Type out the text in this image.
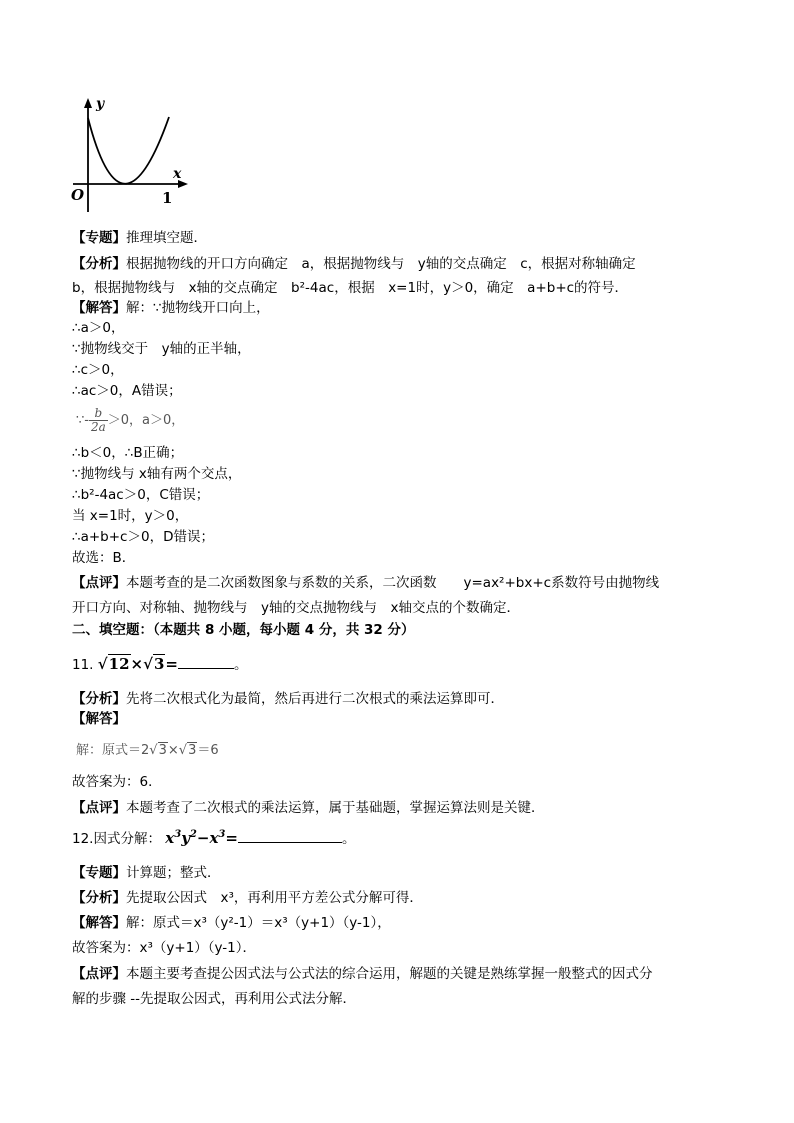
y
x
O	1
【专题】推理填空题．
【分析】根据抛物线的开口方向确定　a，根据抛物线与　y轴的交点确定　c，根据对称轴确定
b，根据抛物线与　x轴的交点确定　b²-4ac，根据　x=1时，y＞0，确定　a+b+c的符号．
【解答】解：∵抛物线开口向上，
∴a＞0，
∵抛物线交于　y轴的正半轴，
∴c＞0，
∴ac＞0，A错误；
∵- $\frac{b}{2a} >0$，a＞0，
∴b＜0，∴B正确；
∵抛物线与 x轴有两个交点，
∴b²-4ac＞0，C错误；
当 x=1时，y＞0，
∴a+b+c＞0，D错误；
故选：B．
【点评】本题考查的是二次函数图象与系数的关系，二次函数　　y=ax²+bx+c系数符号由抛物线
开口方向、对称轴、抛物线与　y轴的交点抛物线与　x轴交点的个数确定．
二、填空题：（本题共 8 小题，每小题 4 分，共 32 分）
11. √12×√3=	。
【分析】先将二次根式化为最简，然后再进行二次根式的乘法运算即可．
【解答】
解：原式＝2√3×√3＝6
故答案为：6．
【点评】本题考查了二次根式的乘法运算，属于基础题，掌握运算法则是关键．
12.因式分解： $x^3y^2-x^3=$	。
【专题】计算题；整式．
【分析】先提取公因式　x³，再利用平方差公式分解可得．
【解答】解：原式＝x³（y²-1）＝x³（y+1）（y-1），
故答案为：x³（y+1）（y-1）．
【点评】本题主要考查提公因式法与公式法的综合运用，解题的关键是熟练掌握一般整式的因式分
解的步骤 --先提取公因式，再利用公式法分解．
